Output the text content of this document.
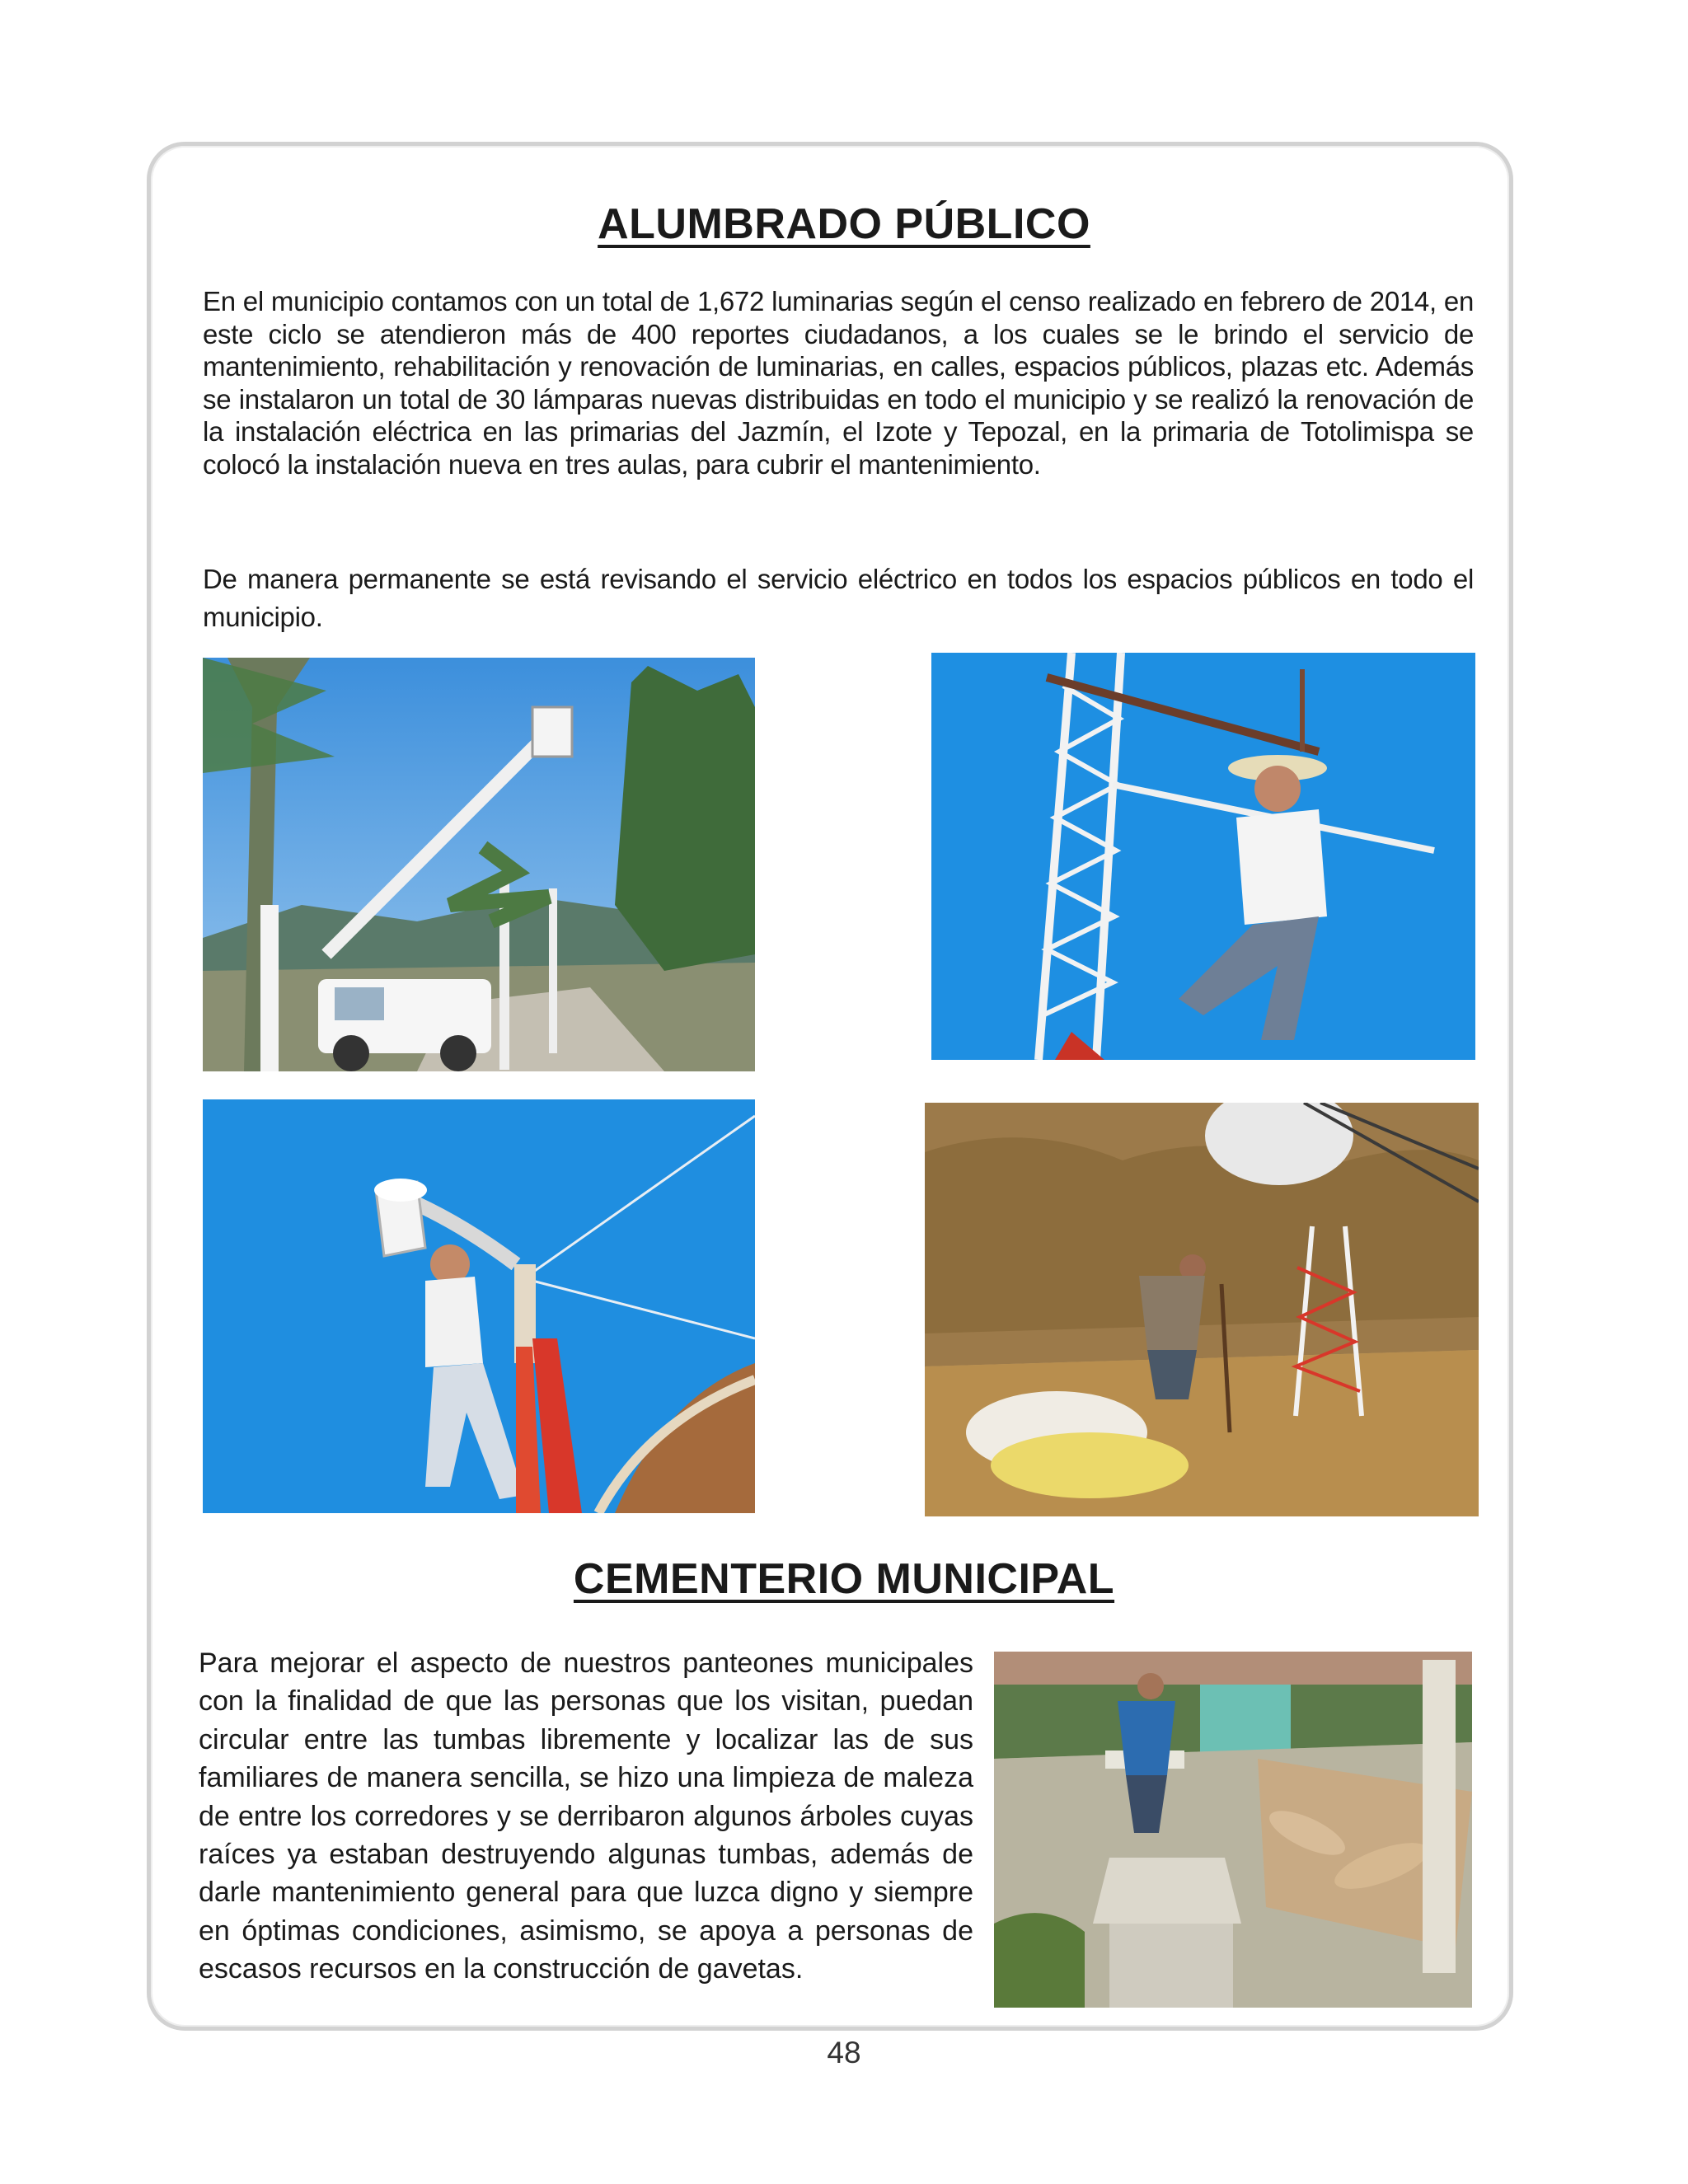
ALUMBRADO PÚBLICO

En el municipio contamos con un total de 1,672 luminarias según el censo realizado en febrero de 2014, en este ciclo se atendieron más de 400 reportes ciudadanos, a los cuales se le brindo el servicio de mantenimiento, rehabilitación y renovación de luminarias, en calles, espacios públicos, plazas etc. Además se instalaron un total de 30 lámparas nuevas distribuidas en todo el municipio y se realizó la renovación de la instalación eléctrica en las primarias del Jazmín, el Izote y Tepozal, en la primaria de Totolimispa se colocó la instalación nueva en tres aulas, para cubrir el mantenimiento.

De manera permanente se está revisando el servicio eléctrico en todos los espacios públicos en todo el municipio.

CEMENTERIO MUNICIPAL

Para mejorar el aspecto de nuestros panteones municipales con la finalidad de que las personas que los visitan, puedan circular entre las tumbas libremente y localizar las de sus familiares de manera sencilla, se hizo una limpieza de maleza de entre los corredores y se derribaron algunos árboles cuyas raíces ya estaban destruyendo algunas tumbas, además de darle mantenimiento general para que luzca digno y siempre en óptimas condiciones, asimismo, se apoya a personas de escasos recursos en la construcción de gavetas.

48
